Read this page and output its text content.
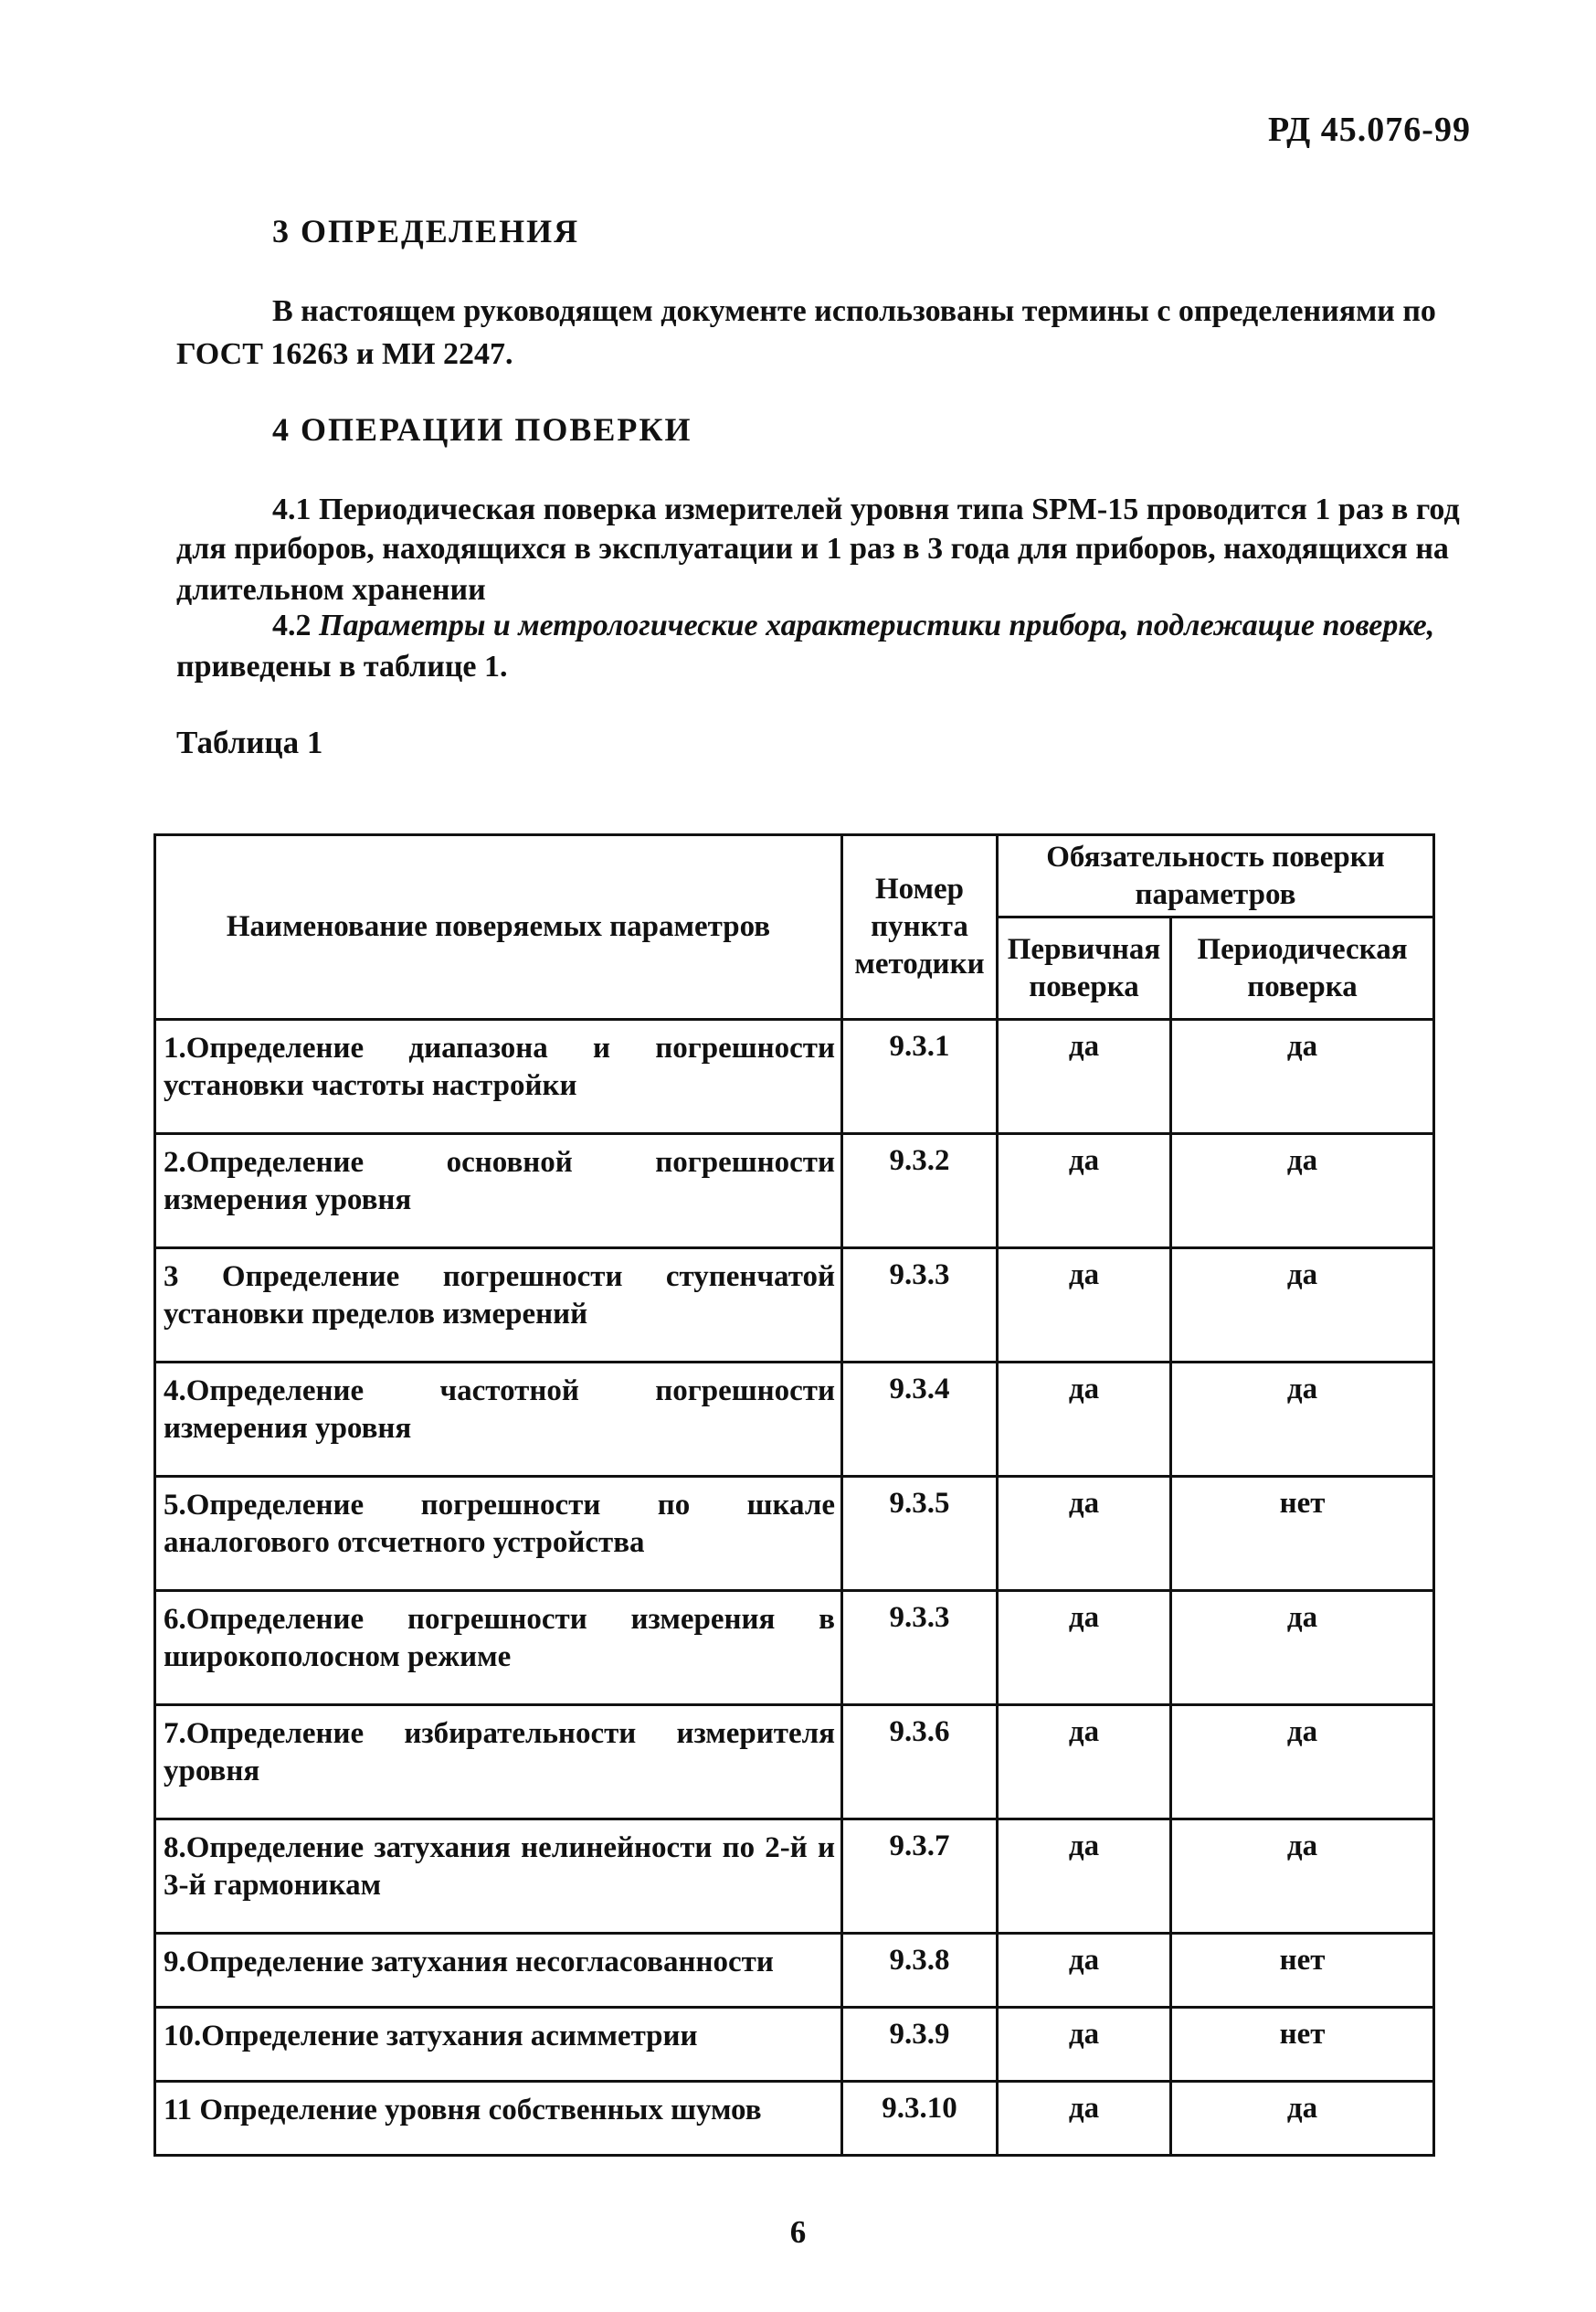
РД 45.076-99
3 ОПРЕДЕЛЕНИЯ
В настоящем руководящем документе использованы термины с определениями по
ГОСТ 16263 и МИ 2247.
4 ОПЕРАЦИИ ПОВЕРКИ
4.1 Периодическая поверка измерителей уровня типа SPM-15 проводится 1 раз в год
для приборов, находящихся в эксплуатации и 1 раз в 3 года для приборов, находящихся на
длительном хранении
4.2 Параметры и метрологические характеристики прибора, подлежащие поверке,
приведены в таблице 1.
Таблица 1
Наименование поверяемых параметров	Номер пункта методики	Обязательность поверки параметров	
		Первичная поверка	Периодическая поверка
1.Определение диапазона и погрешности установки частоты настройки	9.3.1	да	да
2.Определение основной погрешности измерения уровня	9.3.2	да	да
3 Определение погрешности ступенчатой установки пределов измерений	9.3.3	да	да
4.Определение частотной погрешности измерения уровня	9.3.4	да	да
5.Определение погрешности по шкале аналогового отсчетного устройства	9.3.5	да	нет
6.Определение погрешности измерения в широкополосном режиме	9.3.3	да	да
7.Определение избирательности измерителя уровня	9.3.6	да	да
8.Определение затухания нелинейности по 2-й и 3-й гармоникам	9.3.7	да	да
9.Определение затухания несогласованности	9.3.8	да	нет
10.Определение затухания асимметрии	9.3.9	да	нет
11 Определение уровня собственных шумов	9.3.10	да	да
6
